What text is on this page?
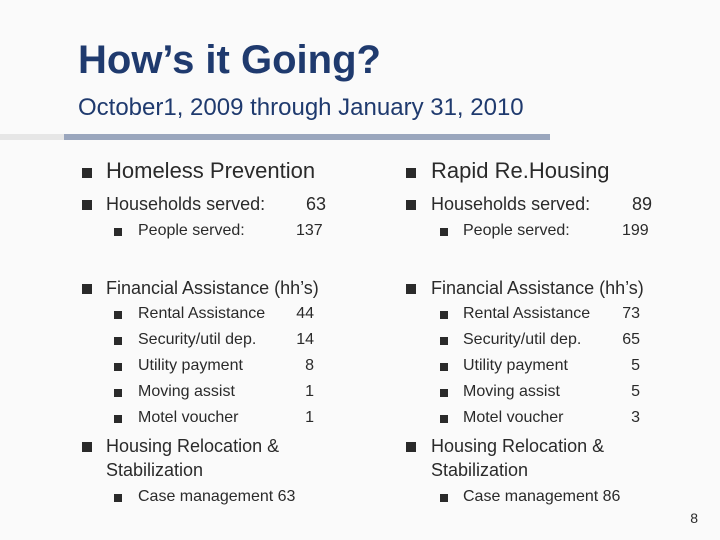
How’s it Going?
October1, 2009 through January 31, 2010
Homeless Prevention
Households served: 63
People served:	137
Financial Assistance (hh’s)
Rental Assistance	44
Security/util dep.	14
Utility payment	8
Moving assist	1
Motel voucher	1
Housing Relocation &
Stabilization
Case management 63
Rapid Re.Housing
Households served: 89
People served:	199
Financial Assistance (hh’s)
Rental Assistance	73
Security/util dep.	65
Utility payment	5
Moving assist	5
Motel voucher	3
Housing Relocation &
Stabilization
Case management 86
8
